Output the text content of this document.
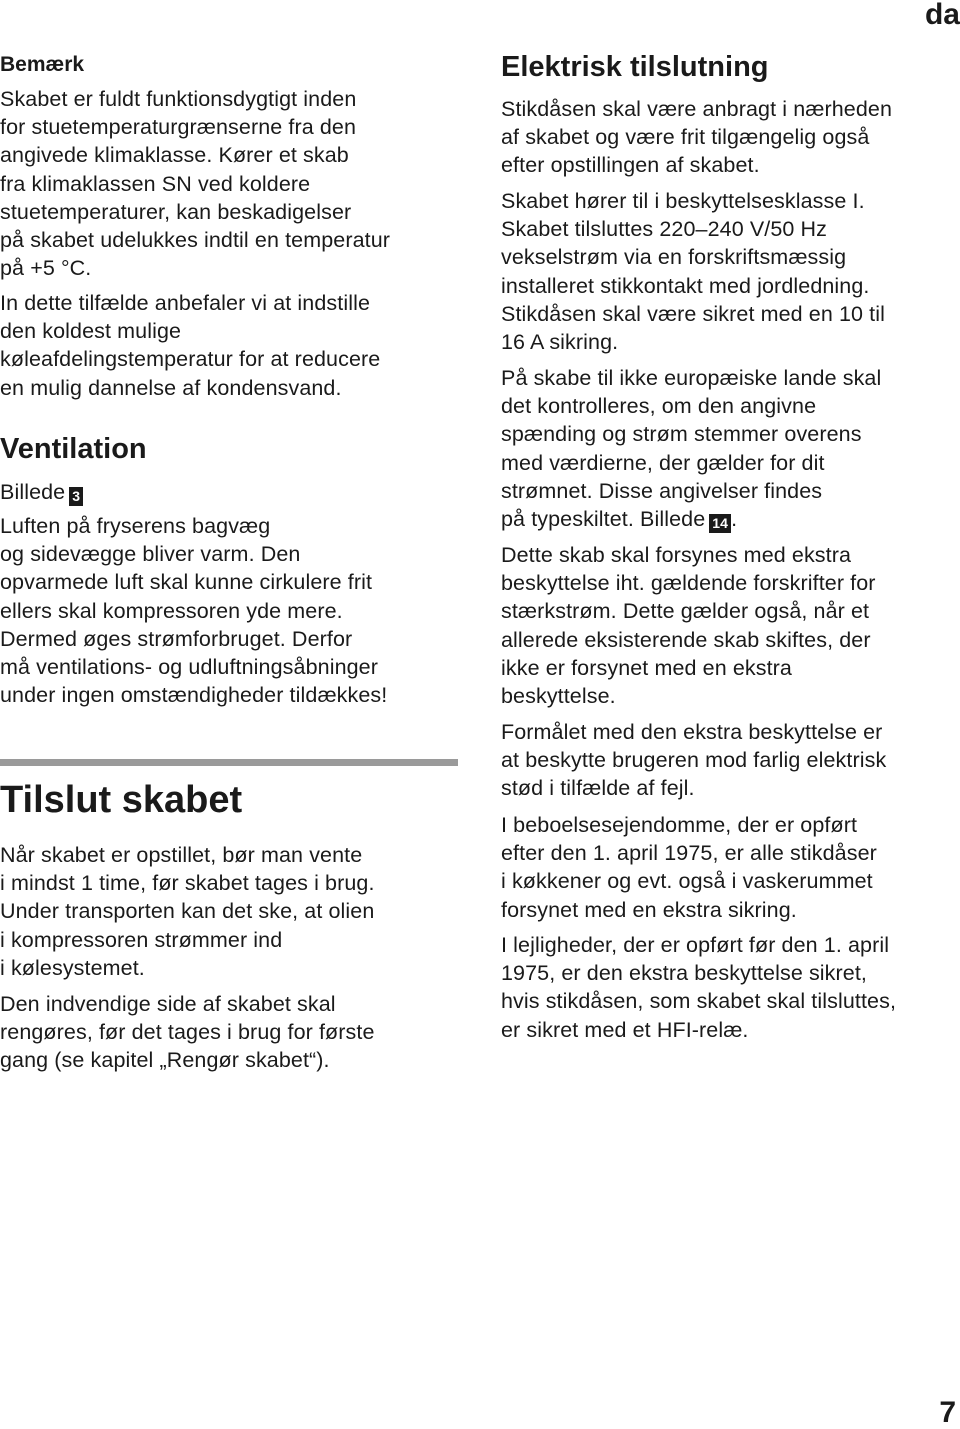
da
Bemærk

Skabet er fuldt funktionsdygtigt inden
for stuetemperaturgrænserne fra den
angivede klimaklasse. Kører et skab
fra klimaklassen SN ved koldere
stuetemperaturer, kan beskadigelser
på skabet udelukkes indtil en temperatur
på +5 °C.

In dette tilfælde anbefaler vi at indstille
den koldest mulige
køleafdelingstemperatur for at reducere
en mulig dannelse af kondensvand.

Ventilation

Billede 3

Luften på fryserens bagvæg
og sidevægge bliver varm. Den
opvarmede luft skal kunne cirkulere frit
ellers skal kompressoren yde mere.
Dermed øges strømforbruget. Derfor
må ventilations- og udluftningsåbninger
under ingen omstændigheder tildækkes!

Tilslut skabet

Når skabet er opstillet, bør man vente
i mindst 1 time, før skabet tages i brug.
Under transporten kan det ske, at olien
i kompressoren strømmer ind
i kølesystemet.

Den indvendige side af skabet skal
rengøres, før det tages i brug for første
gang (se kapitel „Rengør skabet“).

Elektrisk tilslutning

Stikdåsen skal være anbragt i nærheden
af skabet og være frit tilgængelig også
efter opstillingen af skabet.

Skabet hører til i beskyttelsesklasse I.
Skabet tilsluttes 220–240 V/50 Hz
vekselstrøm via en forskriftsmæssig
installeret stikkontakt med jordledning.
Stikdåsen skal være sikret med en 10 til
16 A sikring.

På skabe til ikke europæiske lande skal
det kontrolleres, om den angivne
spænding og strøm stemmer overens
med værdierne, der gælder for dit
strømnet. Disse angivelser findes
på typeskiltet. Billede 14 .

Dette skab skal forsynes med ekstra
beskyttelse iht. gældende forskrifter for
stærkstrøm. Dette gælder også, når et
allerede eksisterende skab skiftes, der
ikke er forsynet med en ekstra
beskyttelse.

Formålet med den ekstra beskyttelse er
at beskytte brugeren mod farlig elektrisk
stød i tilfælde af fejl.

I beboelsesejendomme, der er opført
efter den 1. april 1975, er alle stikdåser
i køkkener og evt. også i vaskerummet
forsynet med en ekstra sikring.

I lejligheder, der er opført før den 1. april
1975, er den ekstra beskyttelse sikret,
hvis stikdåsen, som skabet skal tilsluttes,
er sikret med et HFI-relæ.

7
